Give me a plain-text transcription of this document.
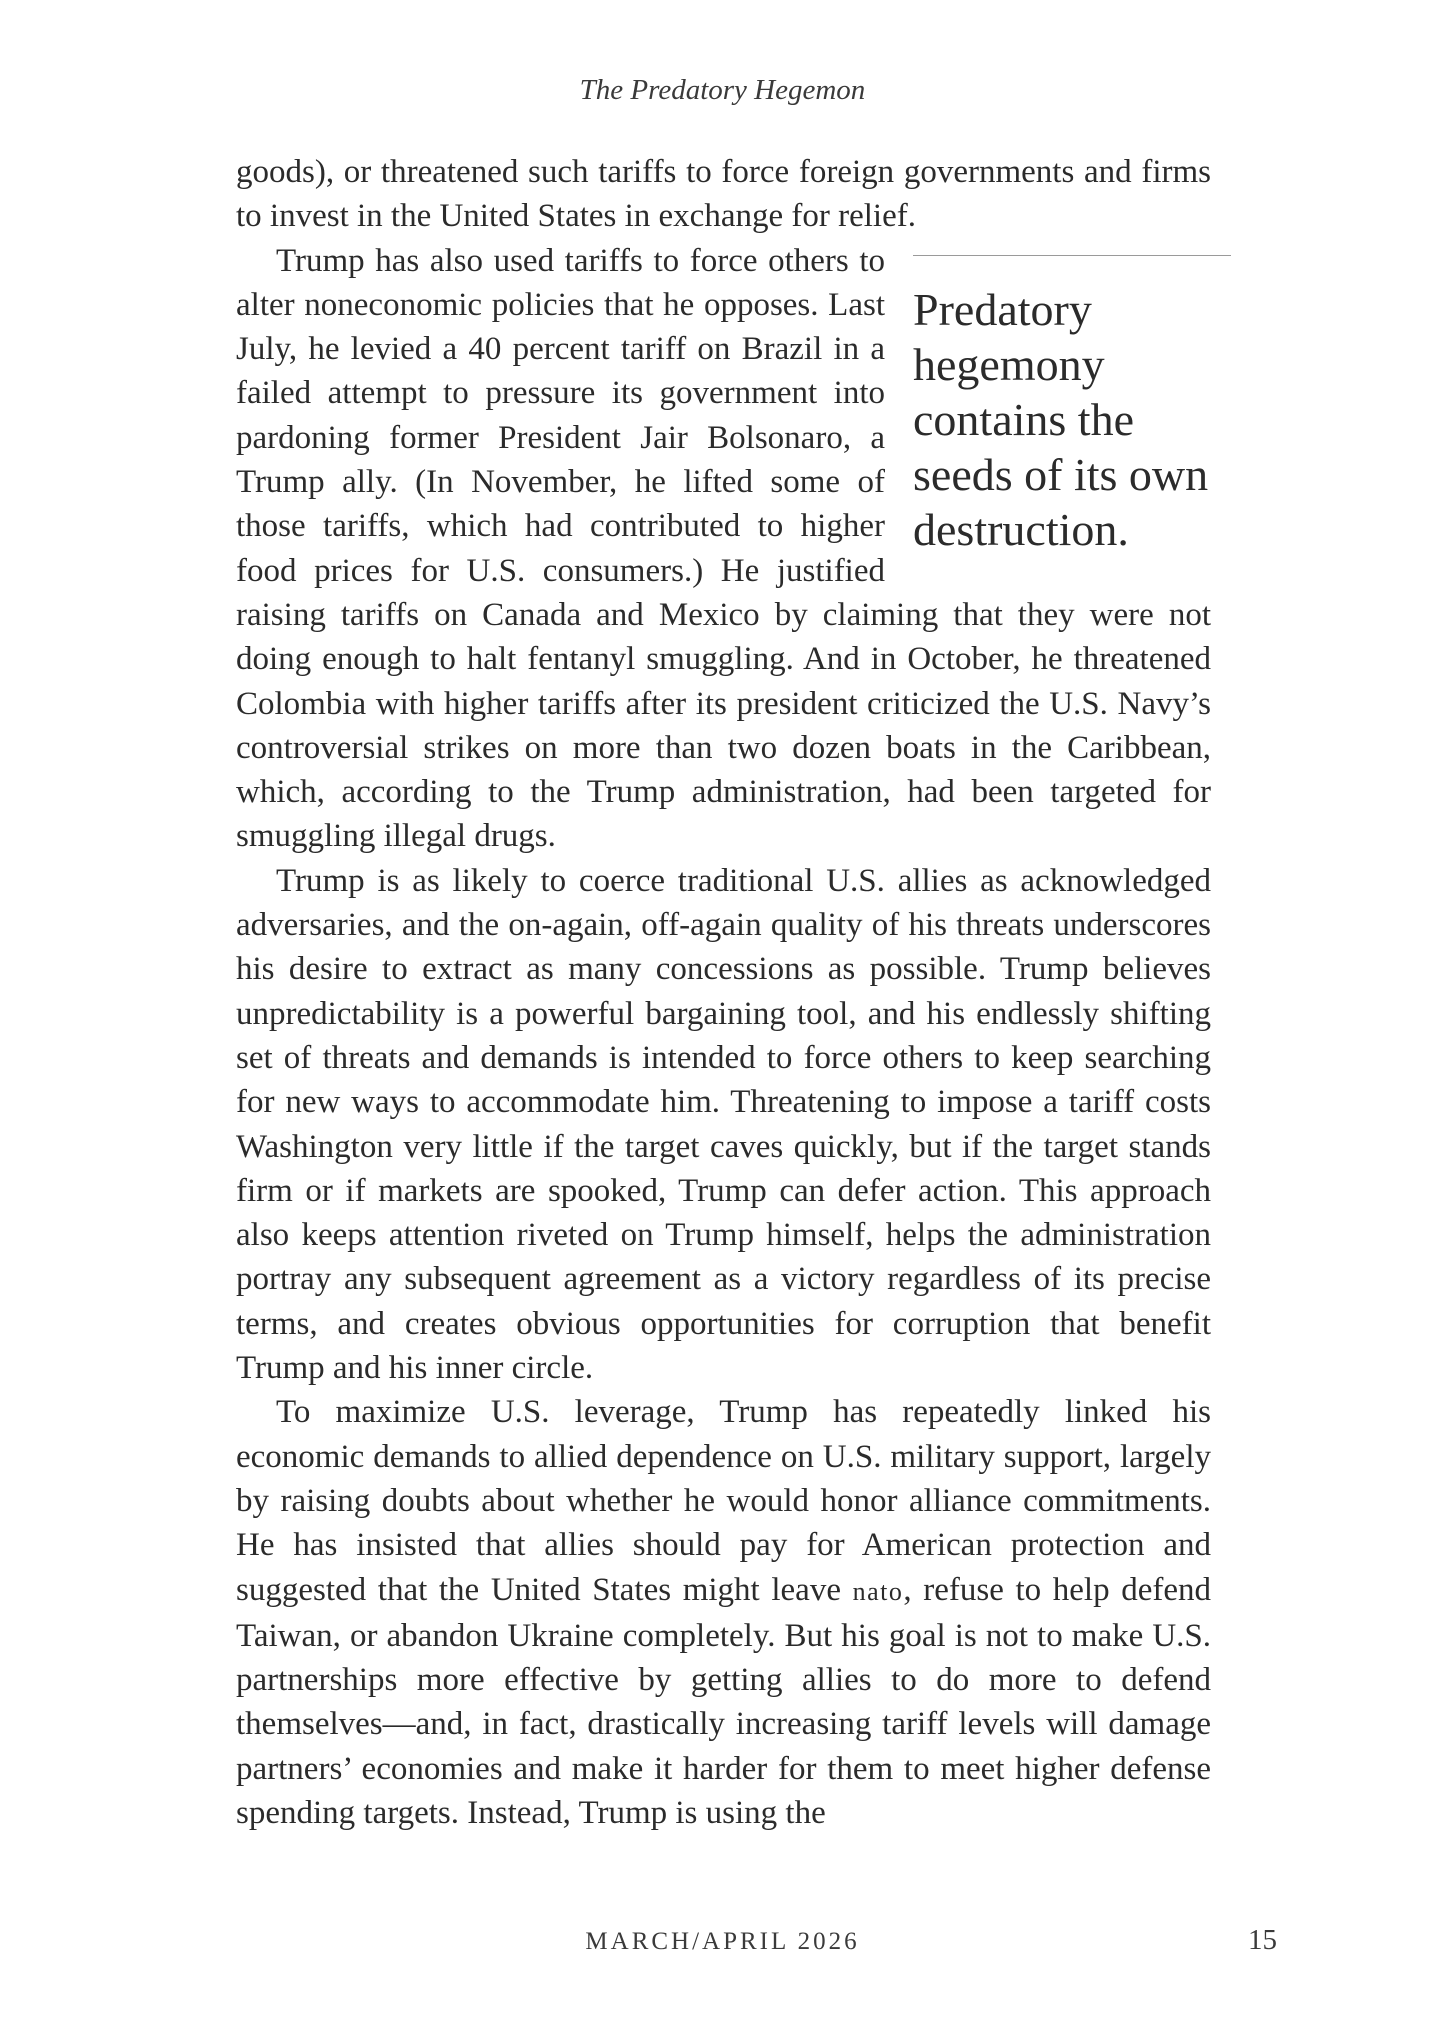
The Predatory Hegemon

goods), or threatened such tariffs to force foreign governments and firms to invest in the United States in exchange for relief.

Predatory hegemony contains the seeds of its own destruction.

Trump has also used tariffs to force others to alter noneconomic policies that he opposes. Last July, he levied a 40 percent tariff on Brazil in a failed attempt to pressure its government into pardoning former President Jair Bolsonaro, a Trump ally. (In November, he lifted some of those tariffs, which had contributed to higher food prices for U.S. consumers.) He justified raising tariffs on Canada and Mexico by claiming that they were not doing enough to halt fentanyl smuggling. And in October, he threatened Colombia with higher tariffs after its president criticized the U.S. Navy’s controversial strikes on more than two dozen boats in the Caribbean, which, according to the Trump administration, had been targeted for smuggling illegal drugs.

Trump is as likely to coerce traditional U.S. allies as acknowledged adversaries, and the on-again, off-again quality of his threats underscores his desire to extract as many concessions as possible. Trump believes unpredictability is a powerful bargaining tool, and his endlessly shifting set of threats and demands is intended to force others to keep searching for new ways to accommodate him. Threatening to impose a tariff costs Washington very little if the target caves quickly, but if the target stands firm or if markets are spooked, Trump can defer action. This approach also keeps attention riveted on Trump himself, helps the administration portray any subsequent agreement as a victory regardless of its precise terms, and creates obvious opportunities for corruption that benefit Trump and his inner circle.

To maximize U.S. leverage, Trump has repeatedly linked his economic demands to allied dependence on U.S. military support, largely by raising doubts about whether he would honor alliance commitments. He has insisted that allies should pay for American protection and suggested that the United States might leave nato, refuse to help defend Taiwan, or abandon Ukraine completely. But his goal is not to make U.S. partnerships more effective by getting allies to do more to defend themselves—and, in fact, drastically increasing tariff levels will damage partners’ economies and make it harder for them to meet higher defense spending targets. Instead, Trump is using the

MARCH/APRIL 2026	15
